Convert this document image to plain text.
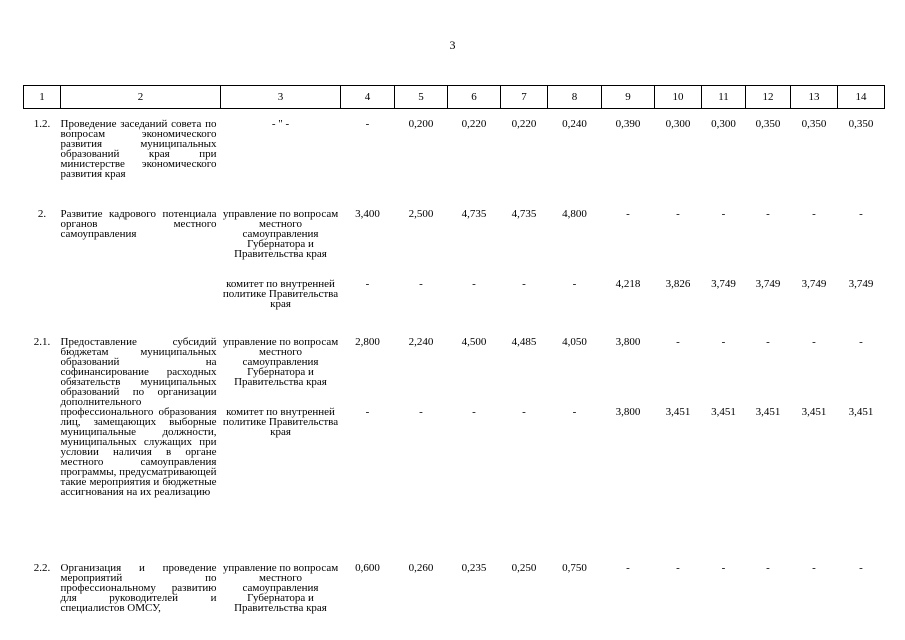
3
1	2	3	4	5	6	7	8	9	10	11	12	13	14
1.2.	Проведение заседаний совета по вопросам экономического развития муниципальных образований края при министерстве экономического развития края	- " -	-	0,200	0,220	0,220	0,240	0,390	0,300	0,300	0,350	0,350	0,350
2.	Развитие кадрового потенциала органов местного самоуправления	управление по вопросам местного самоуправления Губернатора и Правительства края	3,400	2,500	4,735	4,735	4,800	-	-	-	-	-	-
		комитет по внутренней политике Правительства края	-	-	-	-	-	4,218	3,826	3,749	3,749	3,749	3,749
2.1.	Предоставление субсидий бюджетам муниципальных образований на софинансирование расходных обязательств муниципальных образований по организации дополнительного профессионального образования лиц, замещающих выборные муниципальные должности, муниципальных служащих при условии наличия в органе местного самоуправления программы, предусматривающей такие мероприятия и бюджетные ассигнования на их реализацию	управление по вопросам местного самоуправления Губернатора и Правительства края	2,800	2,240	4,500	4,485	4,050	3,800	-	-	-	-	-
		комитет по внутренней политике Правительства края	-	-	-	-	-	3,800	3,451	3,451	3,451	3,451	3,451
2.2.	Организация и проведение мероприятий по профессиональному развитию для руководителей и специалистов ОМСУ,	управление по вопросам местного самоуправления Губернатора и Правительства края	0,600	0,260	0,235	0,250	0,750	-	-	-	-	-	-
